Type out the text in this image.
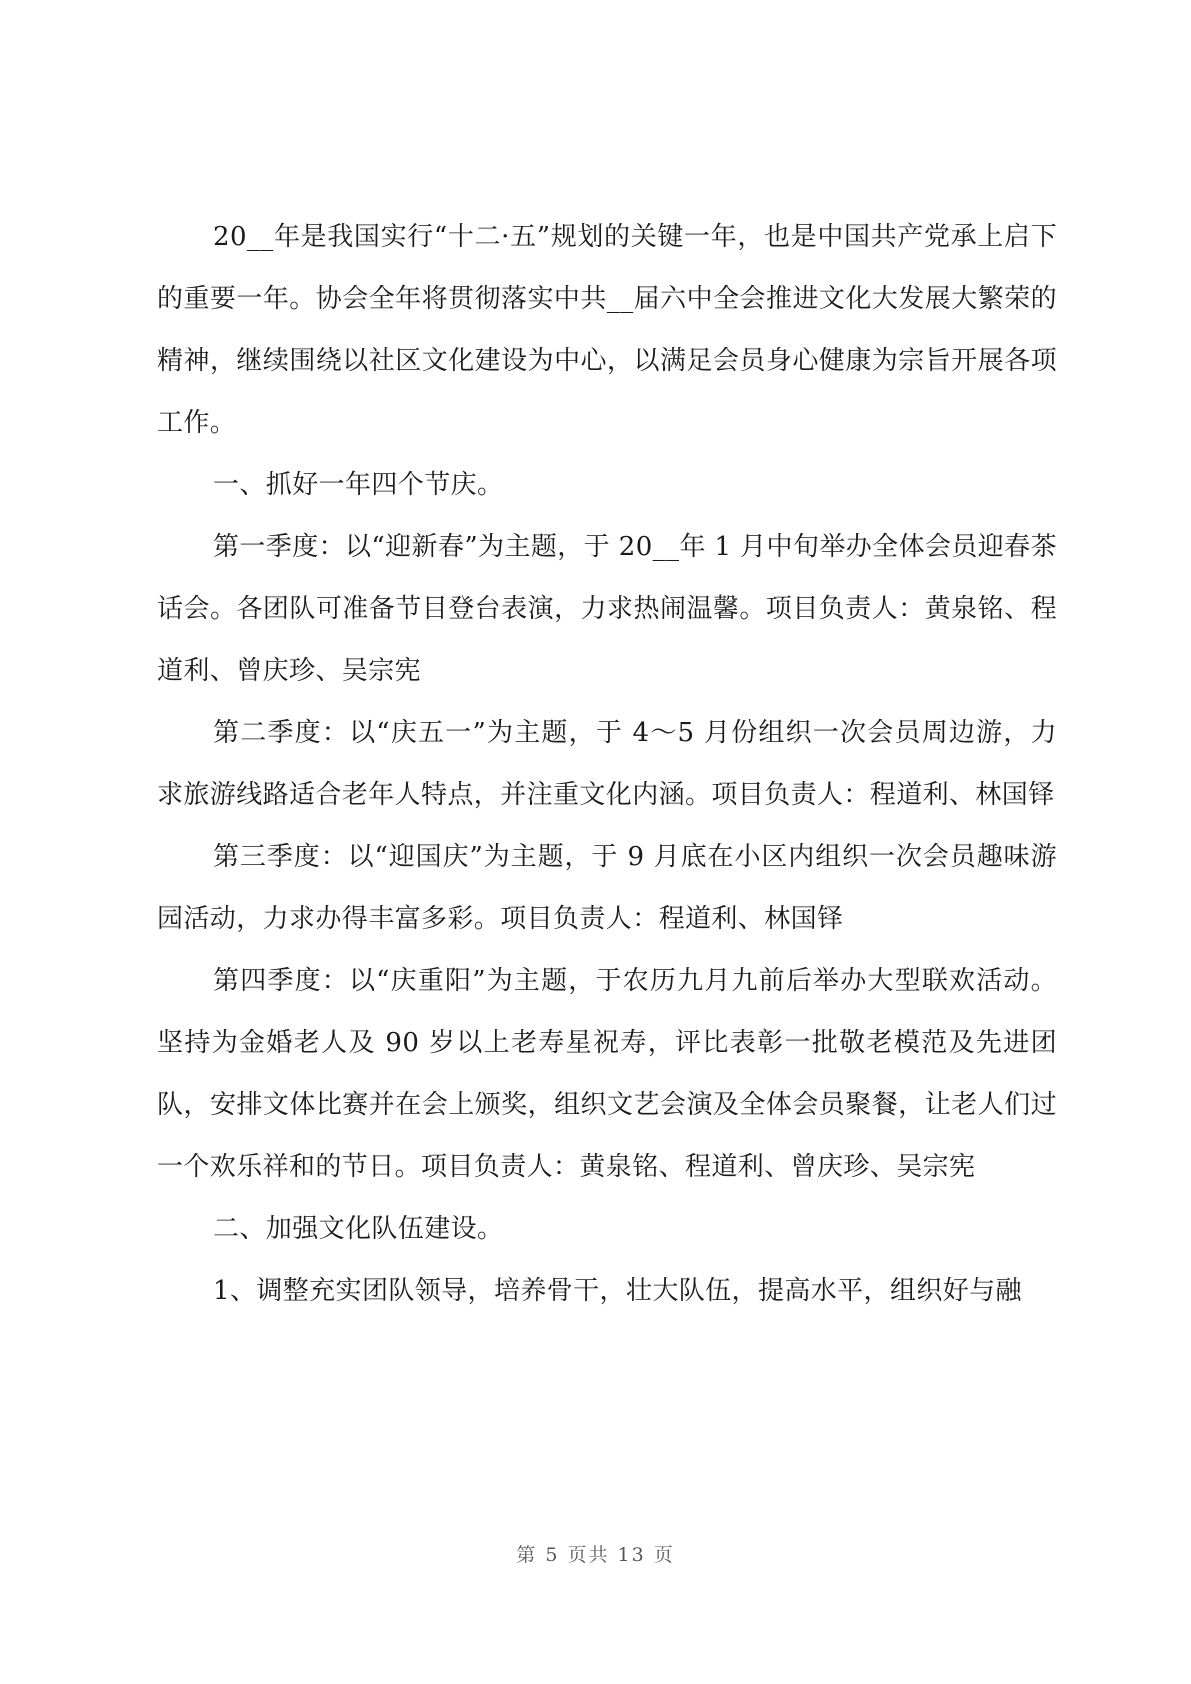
20__年是我国实行“十二·五”规划的关键一年，也是中国共产党承上启下的重要一年。协会全年将贯彻落实中共__届六中全会推进文化大发展大繁荣的精神，继续围绕以社区文化建设为中心，以满足会员身心健康为宗旨开展各项工作。

一、抓好一年四个节庆。

第一季度：以“迎新春”为主题，于 20__年 1 月中旬举办全体会员迎春茶话会。各团队可准备节目登台表演，力求热闹温馨。项目负责人：黄泉铭、程道利、曾庆珍、吴宗宪

第二季度：以“庆五一”为主题，于 4～5 月份组织一次会员周边游，力求旅游线路适合老年人特点，并注重文化内涵。项目负责人：程道利、林国铎

第三季度：以“迎国庆”为主题，于 9 月底在小区内组织一次会员趣味游园活动，力求办得丰富多彩。项目负责人：程道利、林国铎

第四季度：以“庆重阳”为主题，于农历九月九前后举办大型联欢活动。坚持为金婚老人及 90 岁以上老寿星祝寿，评比表彰一批敬老模范及先进团队，安排文体比赛并在会上颁奖，组织文艺会演及全体会员聚餐，让老人们过一个欢乐祥和的节日。项目负责人：黄泉铭、程道利、曾庆珍、吴宗宪

二、加强文化队伍建设。

1、调整充实团队领导，培养骨干，壮大队伍，提高水平，组织好与融

第 5 页共 13 页
